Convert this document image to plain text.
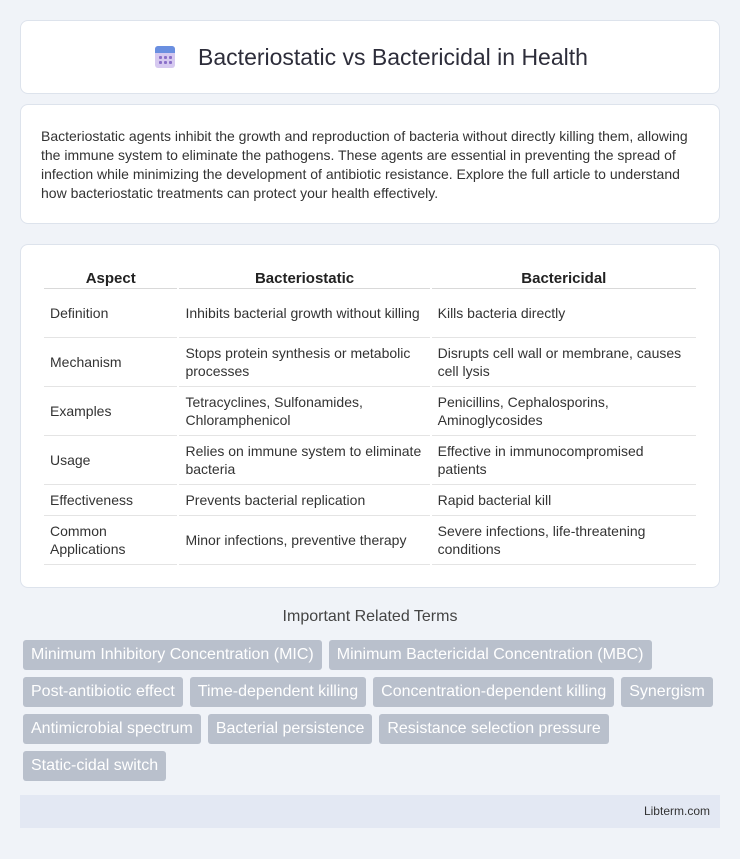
Bacteriostatic vs Bactericidal in Health

Bacteriostatic agents inhibit the growth and reproduction of bacteria without directly killing them, allowing the immune system to eliminate the pathogens. These agents are essential in preventing the spread of infection while minimizing the development of antibiotic resistance. Explore the full article to understand how bacteriostatic treatments can protect your health effectively.

Aspect	Bacteriostatic	Bactericidal
Definition	Inhibits bacterial growth without killing	Kills bacteria directly
Mechanism	Stops protein synthesis or metabolic processes	Disrupts cell wall or membrane, causes cell lysis
Examples	Tetracyclines, Sulfonamides, Chloramphenicol	Penicillins, Cephalosporins, Aminoglycosides
Usage	Relies on immune system to eliminate bacteria	Effective in immunocompromised patients
Effectiveness	Prevents bacterial replication	Rapid bacterial kill
Common Applications	Minor infections, preventive therapy	Severe infections, life-threatening conditions
Important Related Terms
Minimum Inhibitory Concentration (MIC)	Minimum Bactericidal Concentration (MBC)
Post-antibiotic effect	Time-dependent killing	Concentration-dependent killing	Synergism
Antimicrobial spectrum	Bacterial persistence	Resistance selection pressure
Static-cidal switch
Libterm.com
